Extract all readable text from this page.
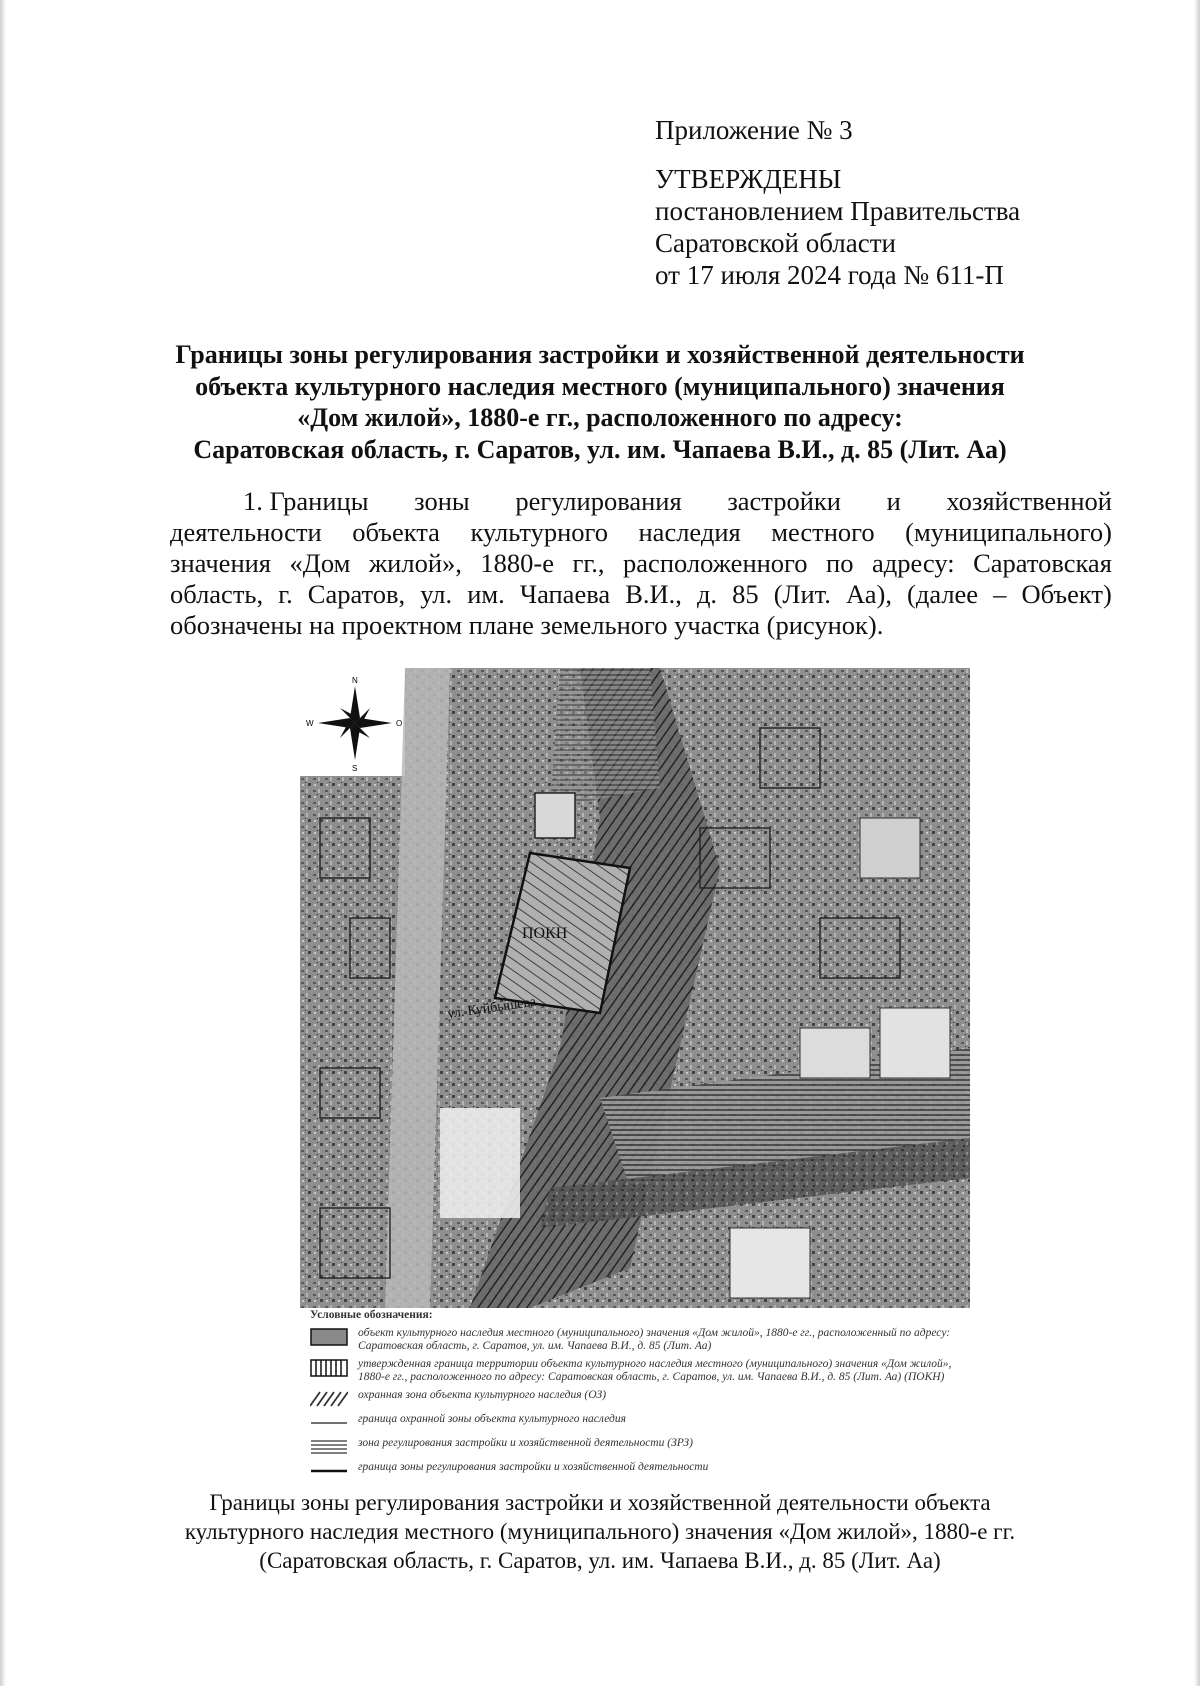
Приложение № 3

УТВЕРЖДЕНЫ

постановлением Правительства

Саратовской области

от 17 июля 2024 года № 611-П

Границы зоны регулирования застройки и хозяйственной деятельности
объекта культурного наследия местного (муниципального) значения
«Дом жилой», 1880-е гг., расположенного по адресу:
Саратовская область, г. Саратов, ул. им. Чапаева В.И., д. 85 (Лит. Аа)
1. Границы зоны регулирования застройки и хозяйственной
деятельности объекта культурного наследия местного (муниципального)
значения «Дом жилой», 1880-е гг., расположенного по адресу: Саратовская
область, г. Саратов, ул. им. Чапаева В.И., д. 85 (Лит. Аа), (далее – Объект)
обозначены на проектном плане земельного участка (рисунок).
ул. Куйбышева
ПОКН
N
S
W	O
Условные обозначения:
объект культурного наследия местного (муниципального) значения «Дом жилой», 1880-е гг., расположенный по адресу: Саратовская область, г. Саратов, ул. им. Чапаева В.И., д. 85 (Лит. Аа)
утвержденная граница территории объекта культурного наследия местного (муниципального) значения «Дом жилой», 1880-е гг., расположенного по адресу: Саратовская область, г. Саратов, ул. им. Чапаева В.И., д. 85 (Лит. Аа) (ПОКН)
охранная зона объекта культурного наследия (ОЗ)
граница охранной зоны объекта культурного наследия
зона регулирования застройки и хозяйственной деятельности (ЗРЗ)
граница зоны регулирования застройки и хозяйственной деятельности
Границы зоны регулирования застройки и хозяйственной деятельности объекта
культурного наследия местного (муниципального) значения «Дом жилой», 1880-е гг.
(Саратовская область, г. Саратов, ул. им. Чапаева В.И., д. 85 (Лит. Аа)
